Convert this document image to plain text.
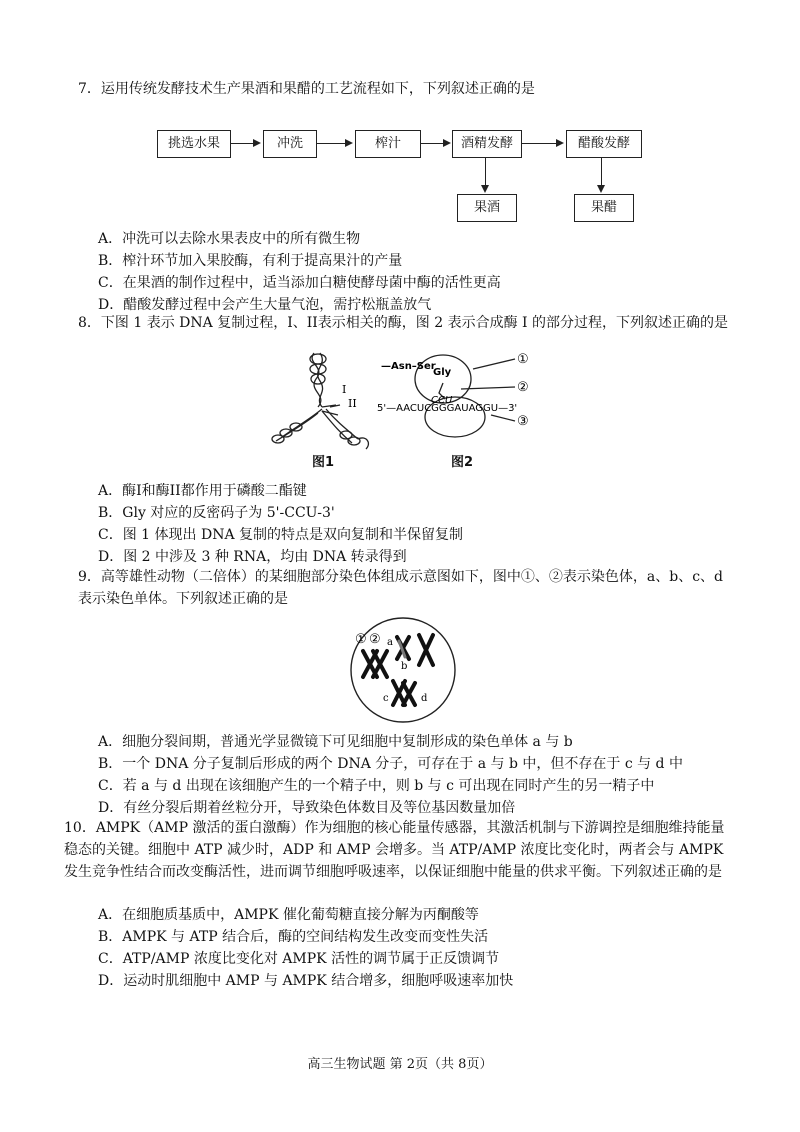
7．运用传统发酵技术生产果酒和果醋的工艺流程如下，下列叙述正确的是
挑选水果	冲洗	榨汁	酒精发酵	醋酸发酵
果酒	果醋
A．冲洗可以去除水果表皮中的所有微生物
B．榨汁环节加入果胶酶，有利于提高果汁的产量
C．在果酒的制作过程中，适当添加白糖使酵母菌中酶的活性更高
D．醋酸发酵过程中会产生大量气泡，需拧松瓶盖放气
8．下图 1 表示 DNA 复制过程，I、II表示相关的酶，图 2 表示合成酶 I 的部分过程，下列叙述正确的是
I
II
图1
—Asn–Ser
Gly
CCU
5'—AACUCGGGAUAGGU—3'
①
②
③
图2
A．酶I和酶II都作用于磷酸二酯键
B．Gly 对应的反密码子为 5'-CCU-3'
C．图 1 体现出 DNA 复制的特点是双向复制和半保留复制
D．图 2 中涉及 3 种 RNA，均由 DNA 转录得到
9．高等雄性动物（二倍体）的某细胞部分染色体组成示意图如下，图中①、②表示染色体，a、b、c、d 表示染色单体。下列叙述正确的是
① ② a
b
c	d
A．细胞分裂间期，普通光学显微镜下可见细胞中复制形成的染色单体 a 与 b
B．一个 DNA 分子复制后形成的两个 DNA 分子，可存在于 a 与 b 中，但不存在于 c 与 d 中
C．若 a 与 d 出现在该细胞产生的一个精子中，则 b 与 c 可出现在同时产生的另一精子中
D．有丝分裂后期着丝粒分开，导致染色体数目及等位基因数量加倍
10．AMPK（AMP 激活的蛋白激酶）作为细胞的核心能量传感器，其激活机制与下游调控是细胞维持能量稳态的关键。细胞中 ATP 减少时，ADP 和 AMP 会增多。当 ATP/AMP 浓度比变化时，两者会与 AMPK 发生竞争性结合而改变酶活性，进而调节细胞呼吸速率，以保证细胞中能量的供求平衡。下列叙述正确的是
A．在细胞质基质中，AMPK 催化葡萄糖直接分解为丙酮酸等
B．AMPK 与 ATP 结合后，酶的空间结构发生改变而变性失活
C．ATP/AMP 浓度比变化对 AMPK 活性的调节属于正反馈调节
D．运动时肌细胞中 AMP 与 AMPK 结合增多，细胞呼吸速率加快
高三生物试题 第 2页（共 8页）
